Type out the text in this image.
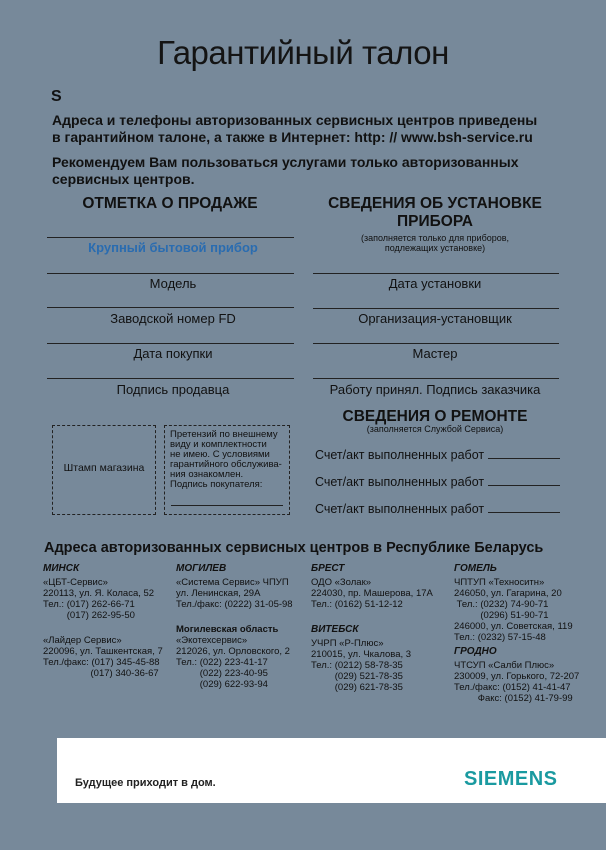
Гарантийный талон
S
Адреса и телефоны авторизованных сервисных центров приведены
в гарантийном талоне, а также в Интернет: http: // www.bsh-service.ru
Рекомендуем Вам пользоваться услугами только авторизованных
сервисных центров.
ОТМЕТКА О ПРОДАЖЕ
Крупный бытовой прибор
Модель
Заводской номер FD
Дата покупки
Подпись продавца
Штамп магазина
Претензий по внешнему
виду и комплектности
не имею. С условиями
гарантийного обслужива-
ния ознакомлен.
Подпись покупателя:
СВЕДЕНИЯ ОБ УСТАНОВКЕ
ПРИБОРА
(заполняется только для приборов,
подлежащих установке)
Дата установки
Организация-установщик
Мастер
Работу принял. Подпись заказчика
СВЕДЕНИЯ О РЕМОНТЕ
(заполняется Службой Сервиса)
Счет/акт выполненных работ
Счет/акт выполненных работ
Счет/акт выполненных работ
Адреса авторизованных сервисных центров в Республике Беларусь
МИНСК
«ЦБТ-Сервис»
220113, ул. Я. Коласа, 52
Тел.: (017) 262-66-71
(017) 262-95-50
«Лайдер Сервис»
220096, ул. Ташкентская, 7
Тел./факс: (017) 345-45-88
(017) 340-36-67
МОГИЛЕВ
«Система Сервис» ЧПУП
ул. Ленинская, 29А
Тел./факс: (0222) 31-05-98
Могилевская область
«Экотехсервис»
212026, ул. Орловского, 2
Тел.: (022) 223-41-17
(022) 223-40-95
(029) 622-93-94
БРЕСТ
ОДО «Золак»
224030, пр. Машерова, 17А
Тел.: (0162) 51-12-12
ВИТЕБСК
УЧРП «Р-Плюс»
210015, ул. Чкалова, 3
Тел.: (0212) 58-78-35
(029) 521-78-35
(029) 621-78-35
ГОМЕЛЬ
ЧПТУП «Техноситн»
246050, ул. Гагарина, 20
Тел.: (0232) 74-90-71
(0296) 51-90-71
246000, ул. Советская, 119
Тел.: (0232) 57-15-48
ГРОДНО
ЧТСУП «Салби Плюс»
230009, ул. Горького, 72-207
Тел./факс: (0152) 41-41-47
Факс: (0152) 41-79-99
Будущее приходит в дом.	SIEMENS
